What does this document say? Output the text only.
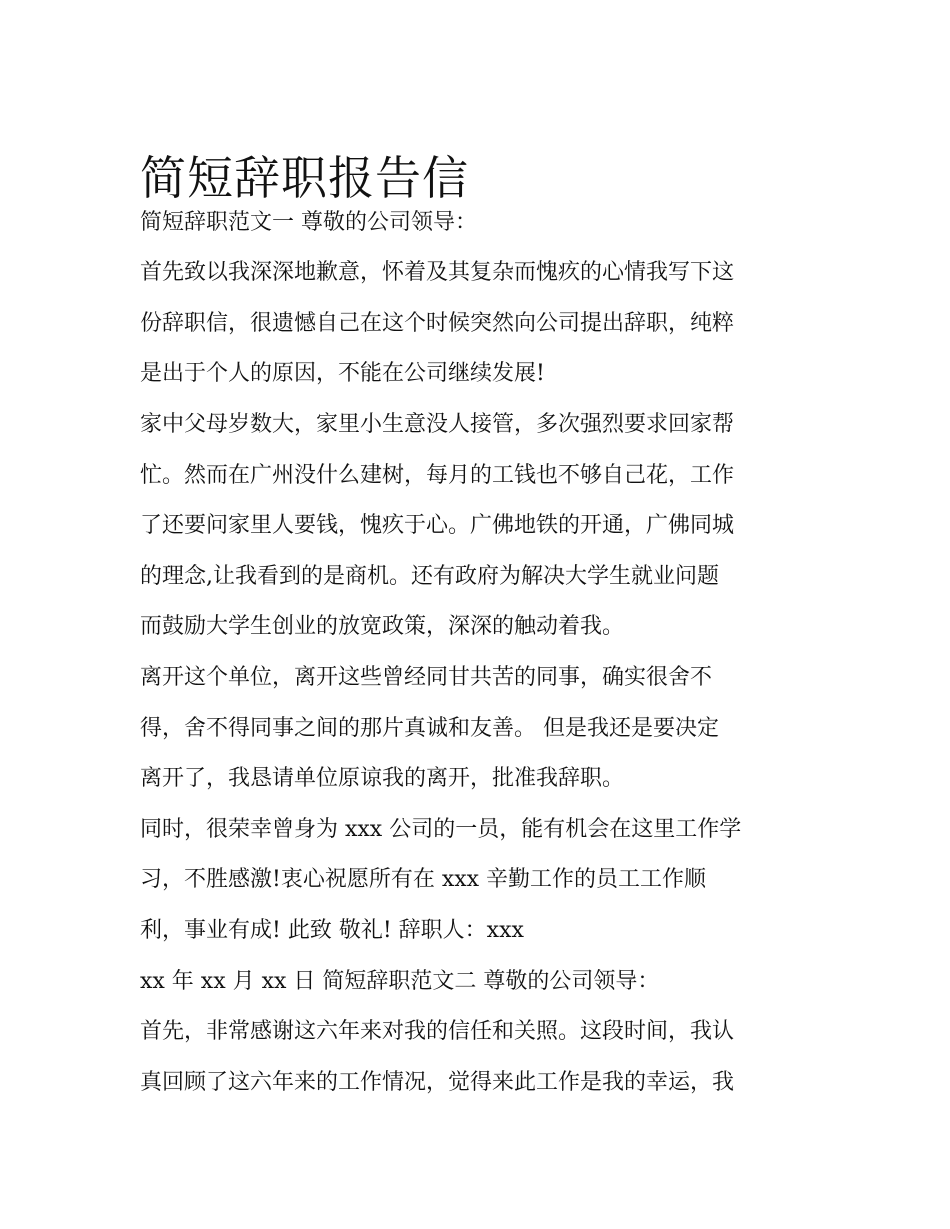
简短辞职报告信
简短辞职范文一 尊敬的公司领导：
首先致以我深深地歉意，怀着及其复杂而愧疚的心情我写下这
份辞职信，很遗憾自己在这个时候突然向公司提出辞职，纯粹
是出于个人的原因，不能在公司继续发展!
家中父母岁数大，家里小生意没人接管，多次强烈要求回家帮
忙。然而在广州没什么建树，每月的工钱也不够自己花，工作
了还要问家里人要钱，愧疚于心。广佛地铁的开通，广佛同城
的理念,让我看到的是商机。还有政府为解决大学生就业问题
而鼓励大学生创业的放宽政策，深深的触动着我。
离开这个单位，离开这些曾经同甘共苦的同事，确实很舍不
得，舍不得同事之间的那片真诚和友善。 但是我还是要决定
离开了，我恳请单位原谅我的离开，批准我辞职。
同时，很荣幸曾身为 xxx 公司的一员，能有机会在这里工作学
习，不胜感激!衷心祝愿所有在 xxx 辛勤工作的员工工作顺
利，事业有成! 此致 敬礼! 辞职人：xxx
xx 年 xx 月 xx 日 简短辞职范文二 尊敬的公司领导：
首先，非常感谢这六年来对我的信任和关照。这段时间，我认
真回顾了这六年来的工作情况，觉得来此工作是我的幸运，我
